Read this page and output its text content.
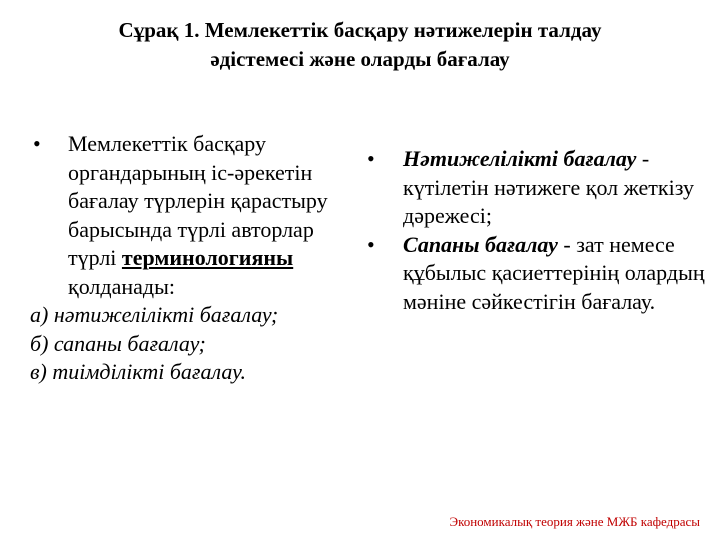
Сұрақ 1. Мемлекеттік басқару нәтижелерін талдау
әдістемесі және оларды бағалау
• Мемлекеттік басқару органдарының іс-әрекетін бағалау түрлерін қарастыру барысында түрлі авторлар түрлі терминологияны қолданады:
а) нәтижелілікті бағалау;
б) сапаны бағалау;
в) тиімділікті бағалау.
• Нәтижелілікті бағалау - күтілетін нәтижеге қол жеткізу дәрежесі;
• Сапаны бағалау - зат немесе құбылыс қасиеттерінің олардың мәніне сәйкестігін бағалау.
Экономикалық теория және МЖБ кафедрасы
